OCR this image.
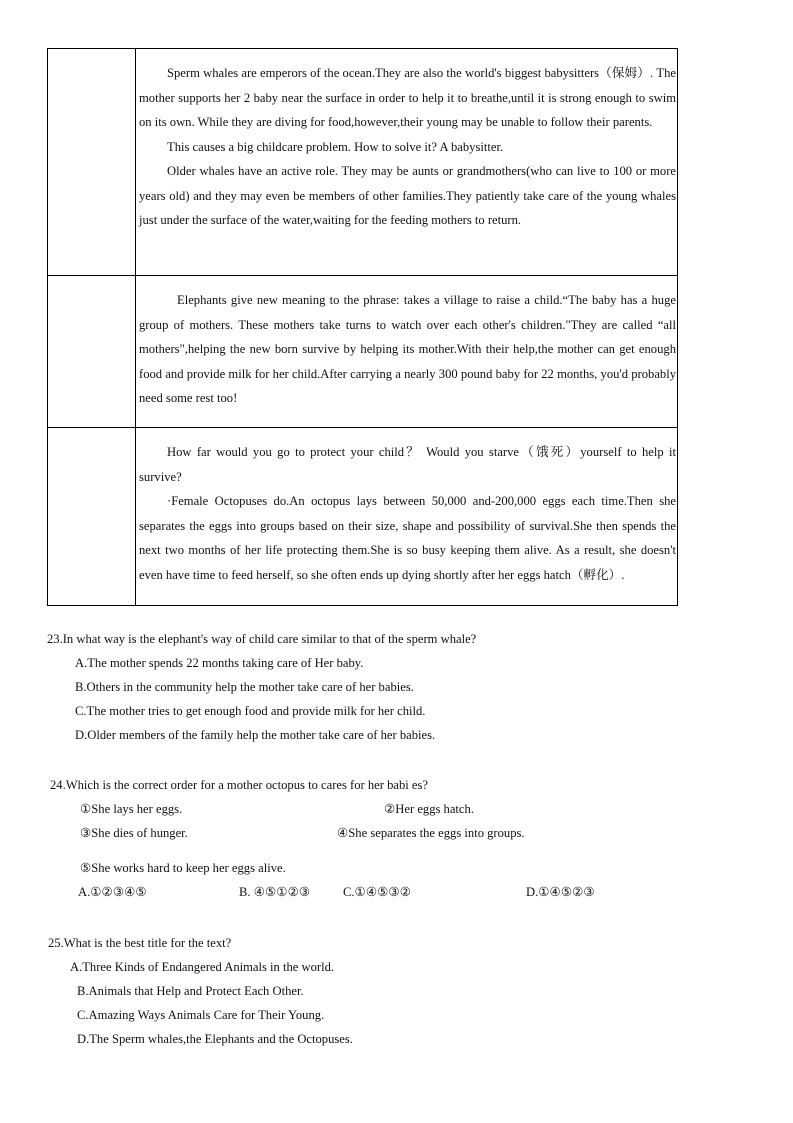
	Sperm whales are emperors of the ocean.They are also the world's biggest babysitters（保姆）. The mother supports her 2 baby near the surface in order to help it to breathe,until it is strong enough to swim on its own. While they are diving for food,however,their young may be unable to follow their parents.

This causes a big childcare problem. How to solve it? A babysitter.

Older whales have an active role. They may be aunts or grandmothers(who can live to 100 or more years old) and they may even be members of other families.They patiently take care of the young whales just under the surface of the water,waiting for the feeding mothers to return.

	Elephants give new meaning to the phrase: takes a village to raise a child.“The baby has a huge group of mothers. These mothers take turns to watch over each other's children."They are called “all mothers",helping the new born survive by helping its mother.With their help,the mother can get enough food and provide milk for her child.After carrying a nearly 300 pound baby for 22 months, you'd probably need some rest too!

	How far would you go to protect your child？ Would you starve（饿死）yourself to help it survive?

·Female Octopuses do.An octopus lays between 50,000 and-200,000 eggs each time.Then she separates the eggs into groups based on their size, shape and possibility of survival.She then spends the next two months of her life protecting them.She is so busy keeping them alive. As a result, she doesn't even have time to feed herself, so she often ends up dying shortly after her eggs hatch（孵化）.

23.In what way is the elephant's way of child care similar to that of the sperm whale?

A.The mother spends 22 months taking care of Her baby.

B.Others in the community help the mother take care of her babies.

C.The mother tries to get enough food and provide milk for her child.

D.Older members of the family help the mother take care of her babies.

24.Which is the correct order for a mother octopus to cares for her babi es?

①She lays her eggs.	②Her eggs hatch.
③She dies of hunger.	④She separates the eggs into groups.
⑤She works hard to keep her eggs alive.
A.①②③④⑤	B. ④⑤①②③	C.①④⑤③②	D.①④⑤②③

25.What is the best title for the text?

A.Three Kinds of Endangered Animals in the world.

B.Animals that Help and Protect Each Other.

C.Amazing Ways Animals Care for Their Young.

D.The Sperm whales,the Elephants and the Octopuses.
